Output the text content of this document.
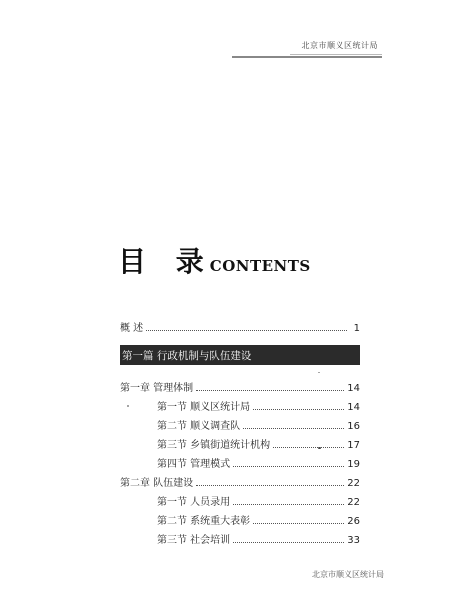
北京市顺义区统计局
目 录
CONTENTS
概 述	1
第一篇 行政机制与队伍建设
第一章 管理体制	14
第一节 顺义区统计局	14
第二节 顺义调查队	16
第三节 乡镇街道统计机构	17
第四节 管理模式	19
第二章 队伍建设	22
第一节 人员录用	22
第二节 系统重大表彰	26
第三节 社会培训	33
北京市顺义区统计局
